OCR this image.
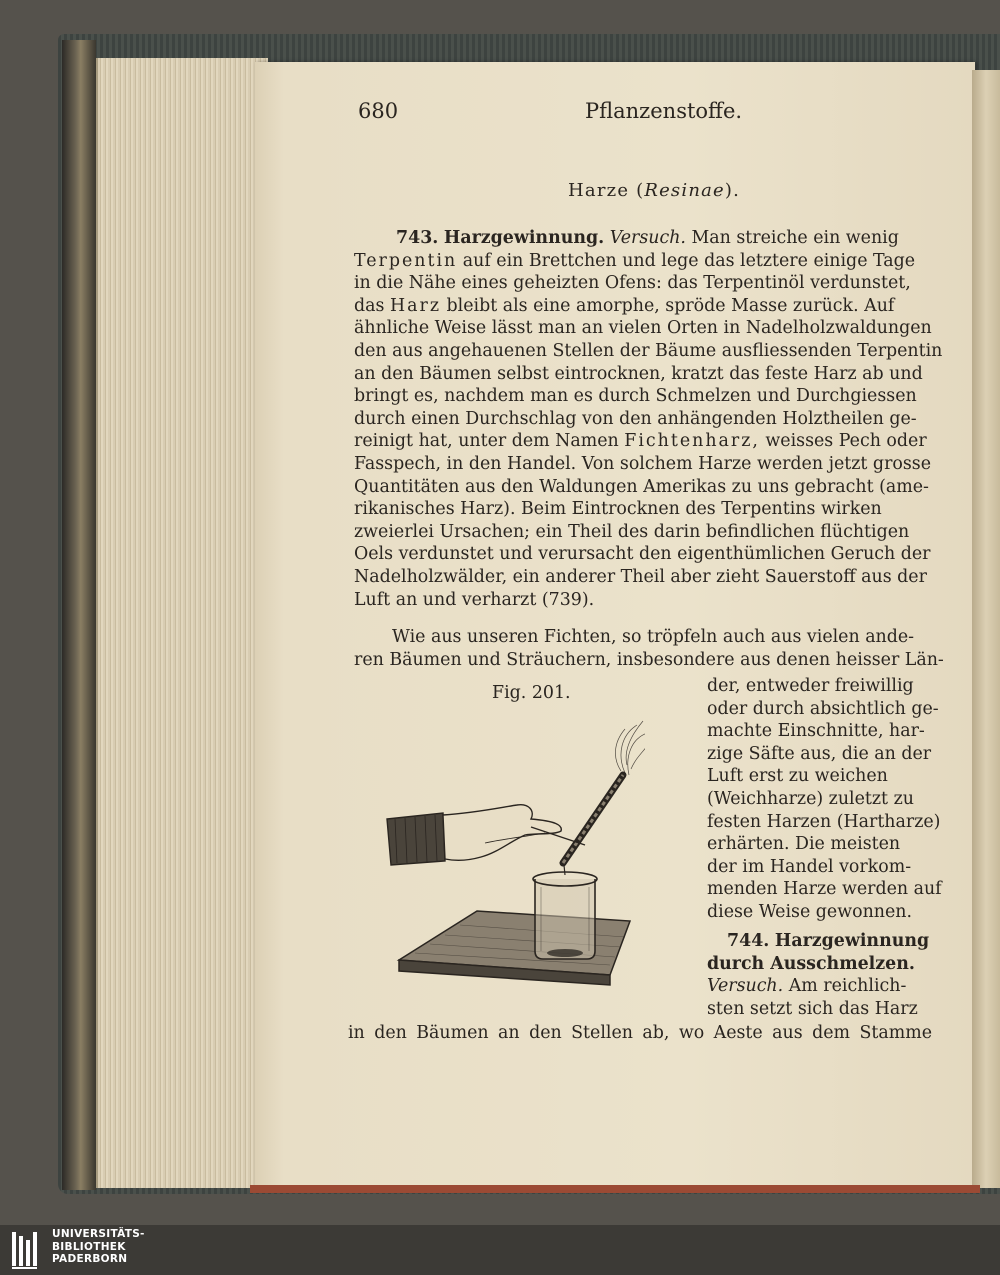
680	Pflanzenstoffe.
Harze (Resinae).
743. Harzgewinnung. Versuch. Man streiche ein wenig
Terpentin auf ein Brettchen und lege das letztere einige Tage
in die Nähe eines geheizten Ofens: das Terpentinöl verdunstet,
das Harz bleibt als eine amorphe, spröde Masse zurück. Auf
ähnliche Weise lässt man an vielen Orten in Nadelholzwaldungen
den aus angehauenen Stellen der Bäume ausfliessenden Terpentin
an den Bäumen selbst eintrocknen, kratzt das feste Harz ab und
bringt es, nachdem man es durch Schmelzen und Durchgiessen
durch einen Durchschlag von den anhängenden Holztheilen ge-
reinigt hat, unter dem Namen Fichtenharz, weisses Pech oder
Fasspech, in den Handel. Von solchem Harze werden jetzt grosse
Quantitäten aus den Waldungen Amerikas zu uns gebracht (ame-
rikanisches Harz). Beim Eintrocknen des Terpentins wirken
zweierlei Ursachen; ein Theil des darin befindlichen flüchtigen
Oels verdunstet und verursacht den eigenthümlichen Geruch der
Nadelholzwälder, ein anderer Theil aber zieht Sauerstoff aus der
Luft an und verharzt (739).
Wie aus unseren Fichten, so tröpfeln auch aus vielen ande-
ren Bäumen und Sträuchern, insbesondere aus denen heisser Län-
Fig. 201.	der, entweder freiwillig
oder durch absichtlich ge-
machte Einschnitte, har-
zige Säfte aus, die an der
Luft erst zu weichen
(Weichharze) zuletzt zu
festen Harzen (Hartharze)
erhärten. Die meisten
der im Handel vorkom-
menden Harze werden auf
diese Weise gewonnen.
744. Harzgewinnung
durch Ausschmelzen.
Versuch. Am reichlich-
sten setzt sich das Harz
in den Bäumen an den Stellen ab, wo Aeste aus dem Stamme
UNIVERSITÄTS-
BIBLIOTHEK
PADERBORN
